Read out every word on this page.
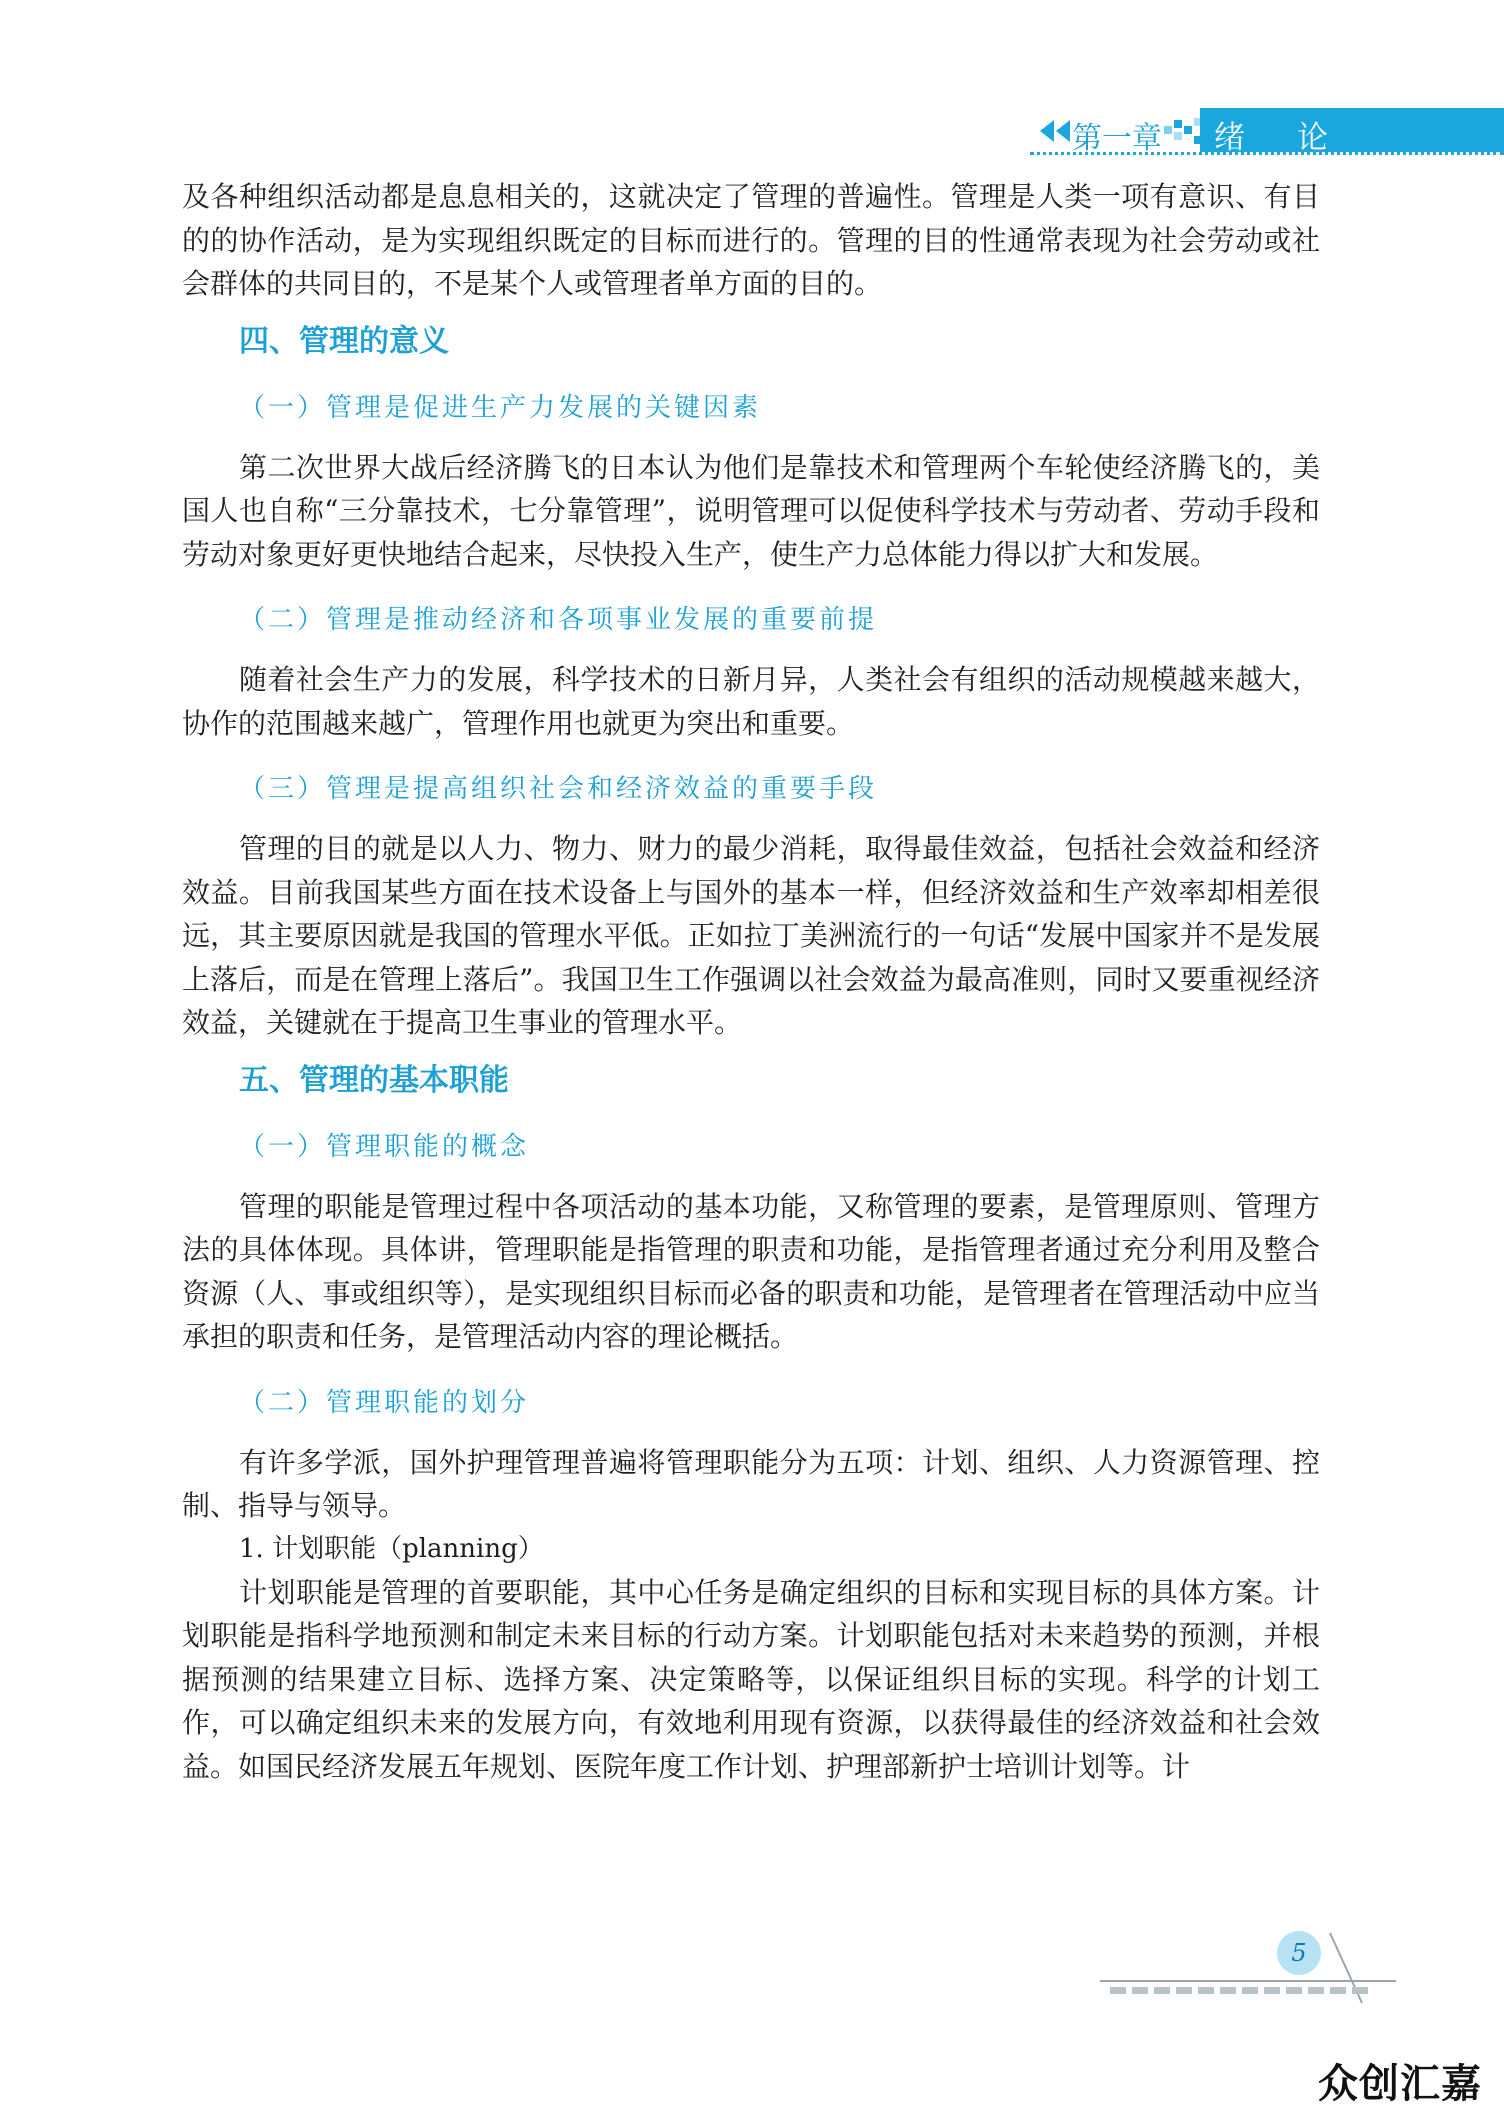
第一章 绪论

及各种组织活动都是息息相关的，这就决定了管理的普遍性。管理是人类一项有意识、有目的的协作活动，是为实现组织既定的目标而进行的。管理的目的性通常表现为社会劳动或社会群体的共同目的，不是某个人或管理者单方面的目的。

四、管理的意义
（一）管理是促进生产力发展的关键因素

第二次世界大战后经济腾飞的日本认为他们是靠技术和管理两个车轮使经济腾飞的，美国人也自称“三分靠技术，七分靠管理”，说明管理可以促使科学技术与劳动者、劳动手段和劳动对象更好更快地结合起来，尽快投入生产，使生产力总体能力得以扩大和发展。

（二）管理是推动经济和各项事业发展的重要前提

随着社会生产力的发展，科学技术的日新月异，人类社会有组织的活动规模越来越大，协作的范围越来越广，管理作用也就更为突出和重要。

（三）管理是提高组织社会和经济效益的重要手段

管理的目的就是以人力、物力、财力的最少消耗，取得最佳效益，包括社会效益和经济效益。目前我国某些方面在技术设备上与国外的基本一样，但经济效益和生产效率却相差很远，其主要原因就是我国的管理水平低。正如拉丁美洲流行的一句话“发展中国家并不是发展上落后，而是在管理上落后”。我国卫生工作强调以社会效益为最高准则，同时又要重视经济效益，关键就在于提高卫生事业的管理水平。

五、管理的基本职能
（一）管理职能的概念

管理的职能是管理过程中各项活动的基本功能，又称管理的要素，是管理原则、管理方法的具体体现。具体讲，管理职能是指管理的职责和功能，是指管理者通过充分利用及整合资源（人、事或组织等），是实现组织目标而必备的职责和功能，是管理者在管理活动中应当承担的职责和任务，是管理活动内容的理论概括。

（二）管理职能的划分

有许多学派，国外护理管理普遍将管理职能分为五项：计划、组织、人力资源管理、控制、指导与领导。

1. 计划职能（planning）

计划职能是管理的首要职能，其中心任务是确定组织的目标和实现目标的具体方案。计划职能是指科学地预测和制定未来目标的行动方案。计划职能包括对未来趋势的预测，并根据预测的结果建立目标、选择方案、决定策略等，以保证组织目标的实现。科学的计划工作，可以确定组织未来的发展方向，有效地利用现有资源，以获得最佳的经济效益和社会效益。如国民经济发展五年规划、医院年度工作计划、护理部新护士培训计划等。计

5
众创汇嘉
